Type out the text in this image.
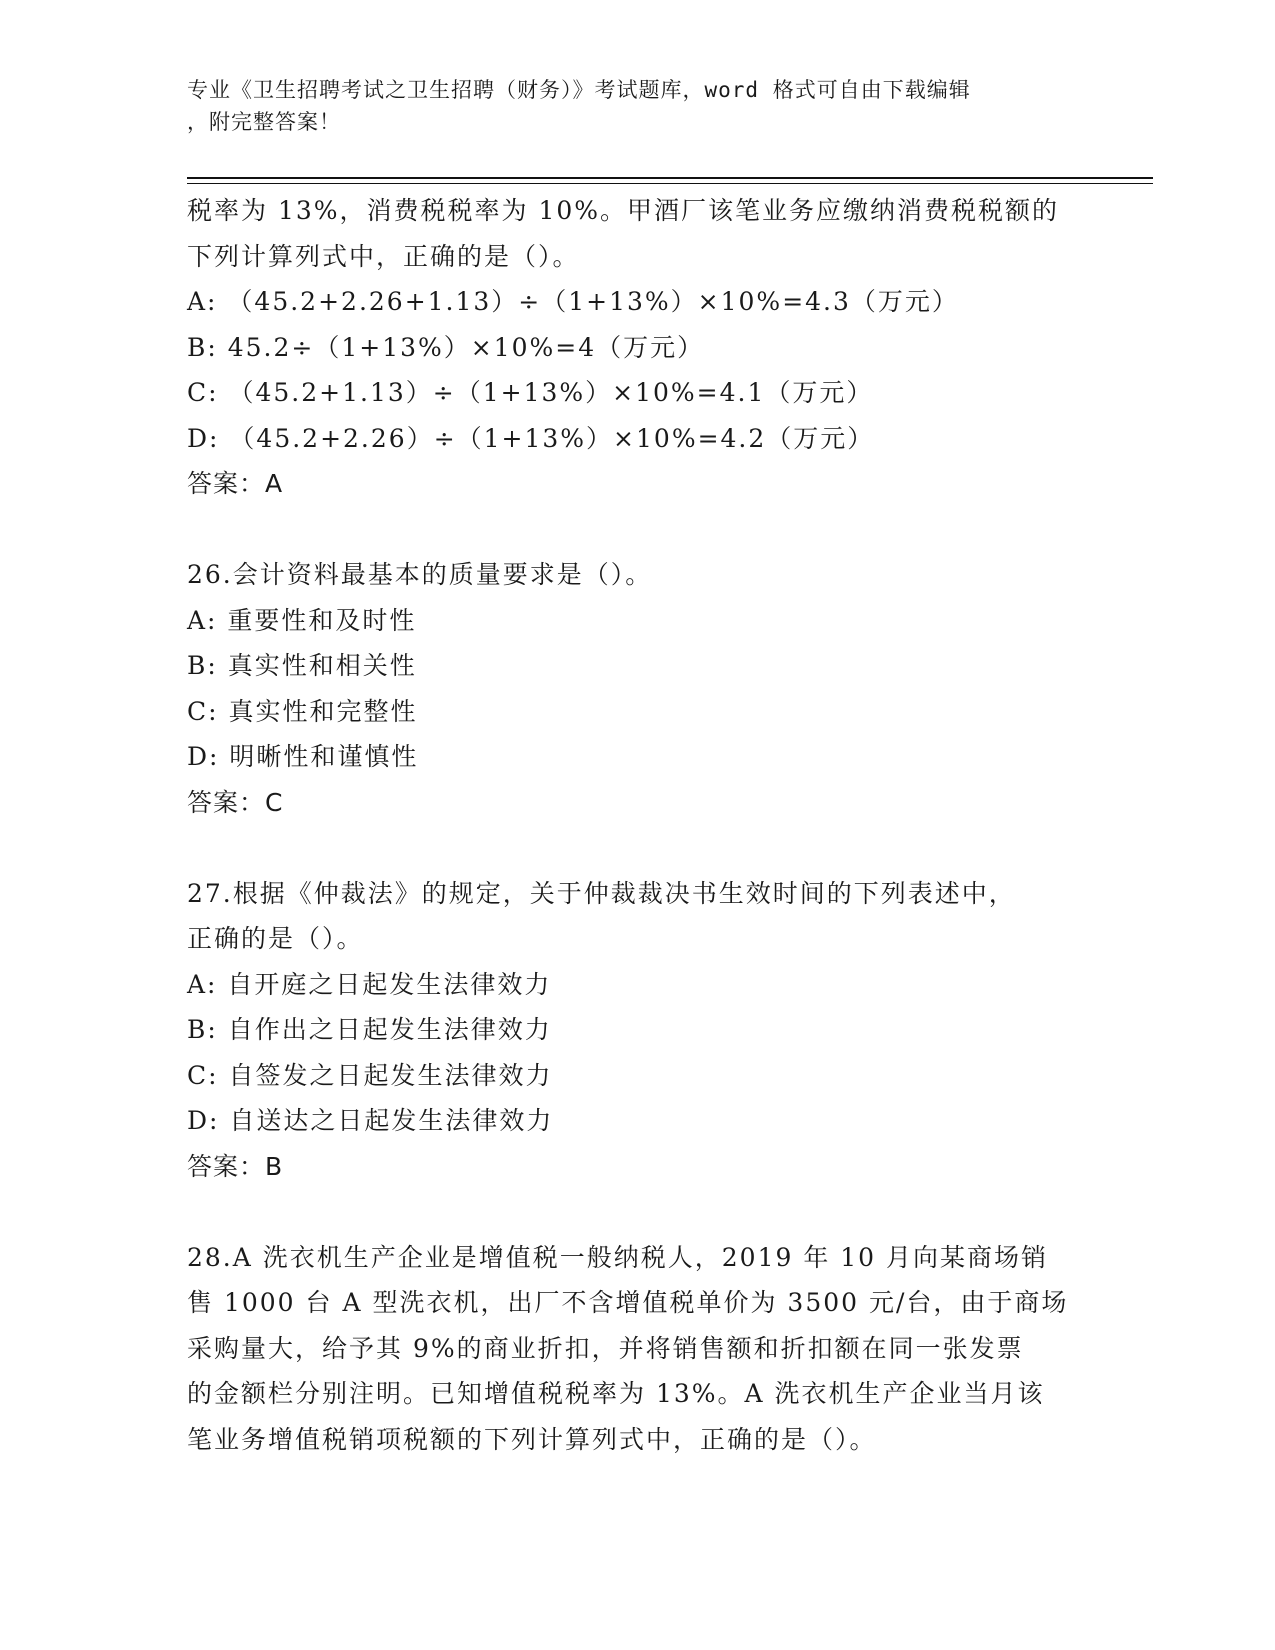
专业《卫生招聘考试之卫生招聘（财务）》考试题库，word 格式可自由下载编辑
，附完整答案！
税率为 13%，消费税税率为 10%。甲酒厂该笔业务应缴纳消费税税额的
下列计算列式中，正确的是（）。
A: （45.2+2.26+1.13）÷（1+13%）×10%=4.3（万元）
B: 45.2÷（1+13%）×10%=4（万元）
C: （45.2+1.13）÷（1+13%）×10%=4.1（万元）
D: （45.2+2.26）÷（1+13%）×10%=4.2（万元）
答案：A
26.会计资料最基本的质量要求是（）。
A: 重要性和及时性
B: 真实性和相关性
C: 真实性和完整性
D: 明晰性和谨慎性
答案：C
27.根据《仲裁法》的规定，关于仲裁裁决书生效时间的下列表述中，
正确的是（）。
A: 自开庭之日起发生法律效力
B: 自作出之日起发生法律效力
C: 自签发之日起发生法律效力
D: 自送达之日起发生法律效力
答案：B
28.A 洗衣机生产企业是增值税一般纳税人，2019 年 10 月向某商场销
售 1000 台 A 型洗衣机，出厂不含增值税单价为 3500 元/台，由于商场
采购量大，给予其 9%的商业折扣，并将销售额和折扣额在同一张发票
的金额栏分别注明。已知增值税税率为 13%。A 洗衣机生产企业当月该
笔业务增值税销项税额的下列计算列式中，正确的是（）。
